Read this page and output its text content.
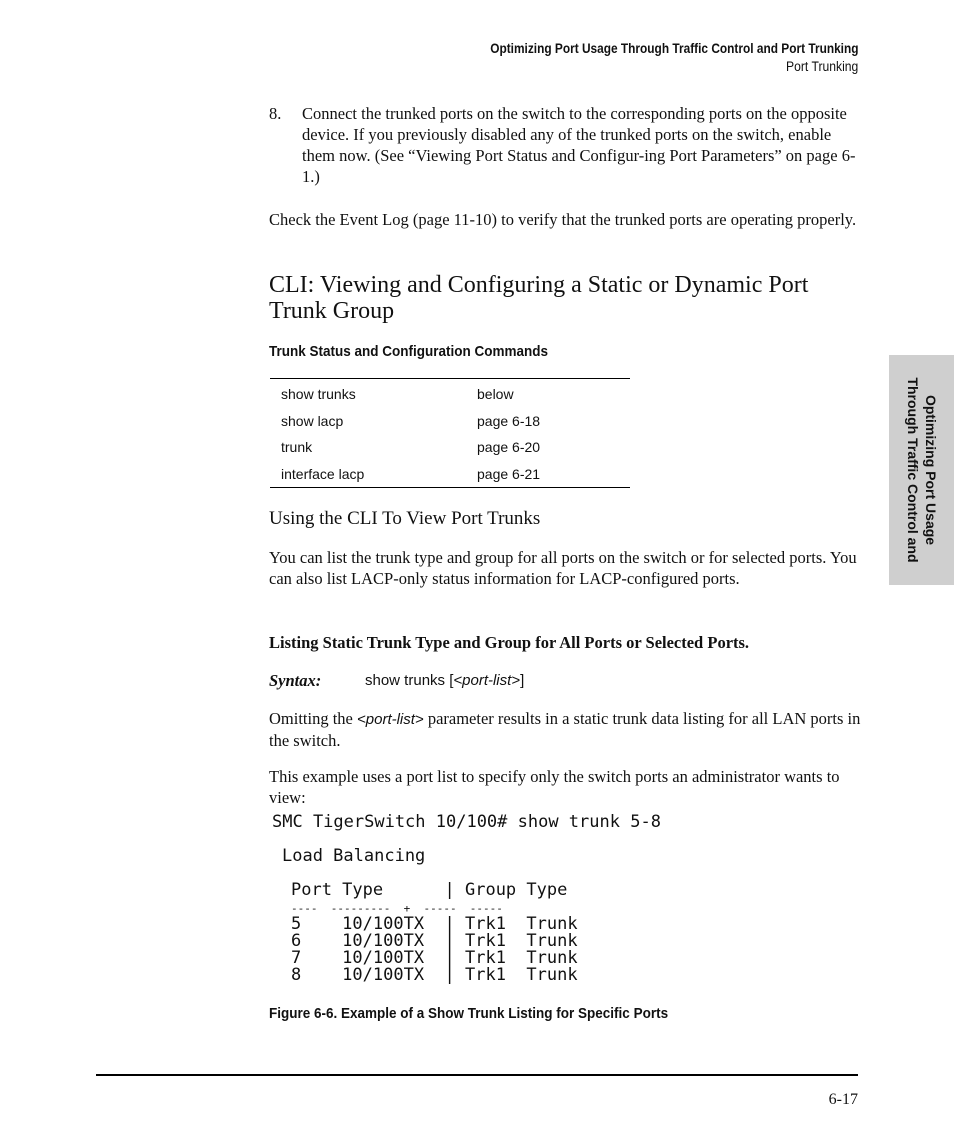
Optimizing Port Usage Through Traffic Control and Port Trunking
Port Trunking
8. Connect the trunked ports on the switch to the corresponding ports on the opposite device. If you previously disabled any of the trunked ports on the switch, enable them now. (See “Viewing Port Status and Configur-ing Port Parameters” on page 6-1.)
Check the Event Log (page 11-10) to verify that the trunked ports are operating properly.
CLI: Viewing and Configuring a Static or Dynamic Port Trunk Group
Trunk Status and Configuration Commands
show trunks	below
show lacp	page 6-18
trunk	page 6-20
interface lacp	page 6-21
Using the CLI To View Port Trunks
You can list the trunk type and group for all ports on the switch or for selected ports. You can also list LACP-only status information for LACP-configured ports.
Listing Static Trunk Type and Group for All Ports or Selected Ports.
Syntax:	show trunks [<port-list>]
Omitting the <port-list> parameter results in a static trunk data listing for all LAN ports in the switch.
This example uses a port list to specify only the switch ports an administrator wants to view:
SMC TigerSwitch 10/100# show trunk 5-8
Load Balancing
Port Type      | Group Type
----  ---------  +  -----  -----
5    10/100TX  | Trk1  Trunk
6    10/100TX  | Trk1  Trunk
7    10/100TX  | Trk1  Trunk
8    10/100TX  | Trk1  Trunk
Figure 6-6. Example of a Show Trunk Listing for Specific Ports
6-17
Optimizing Port Usage
Through Traffic Control and
